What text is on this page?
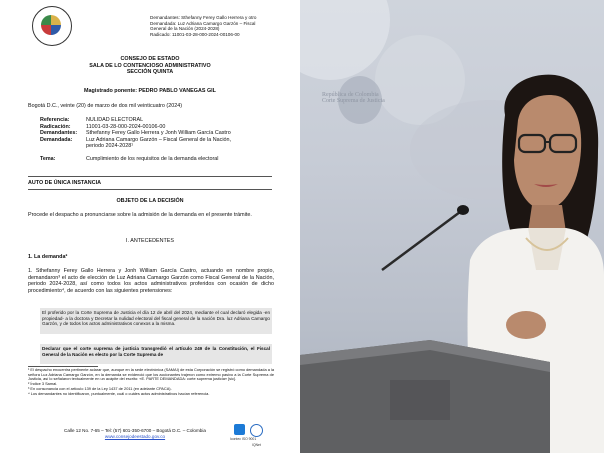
Demandantes: Sthefanny Ferey Gallo Herrera y otro
Demandada: Luz Adriana Camargo Garzón – Fiscal
General de la Nación (2024-2028)
Radicado: 11001-03-28-000-2024-00106-00
CONSEJO DE ESTADO
SALA DE LO CONTENCIOSO ADMINISTRATIVO
SECCIÓN QUINTA
Magistrado ponente: PEDRO PABLO VANEGAS GIL
Bogotá D.C., veinte (20) de marzo de dos mil veinticuatro (2024)
Referencia:	NULIDAD ELECTORAL
Radicación:	11001-03-28-000-2024-00106-00
Demandantes:	Sthefanny Ferey Gallo Herrera y Jonh William García Castro
Demandada:	Luz Adriana Camargo Garzón – Fiscal General de la Nación, periodo 2024-2028¹
Tema:	Cumplimiento de los requisitos de la demanda electoral
AUTO DE ÚNICA INSTANCIA
OBJETO DE LA DECISIÓN
Procede el despacho a pronunciarse sobre la admisión de la demanda en el presente trámite.
I. ANTECEDENTES
1. La demanda²
1. Sthefanny Ferey Gallo Herrera y Jonh William García Castro, actuando en nombre propio, demandaron³ el acto de elección de Luz Adriana Camargo Garzón como Fiscal General de la Nación, periodo 2024-2028, así como todos los actos administrativos proferidos con ocasión de dicho procedimiento⁴, de acuerdo con las siguientes pretensiones:
El proferido por la Corte Suprema de Justicia el día 12 de abril del 2024, mediante el cual declaró elegida -en propiedad- a la doctora y Decretar la nulidad electoral del fiscal general de la nación Dra. luz Adriana Camargo Garzón, y de todos los actos administrativos conexos a la misma.
Declarar que el corte suprema de justicia transgredió el artículo 249 de la Constitución, el Fiscal General de la Nación es electo por la Corte Suprema de
¹ El despacho encuentra pertinente aclarar que, aunque en la sede electrónica (SAMAI) de esta Corporación se registró como demandada a la señora Luz Adriana Camargo Garzón, en la demanda se evidenció que los accionantes trajeron como extremo pasivo a la Corte Suprema de Justicia, así lo señalaron textualmente en un acápite del escrito: «E. PARTE DEMANDADA: corte suprema justicia» [sic].
² Índice 3 Samai.
³ En consonancia con el artículo 139 de la Ley 1437 de 2011 (en adelante CPACA).
⁴ Los demandantes no identificaron, puntualmente, cuál o cuáles actos administrativos hacían referencia.
Calle 12 No. 7-65 – Tel: (57) 601-350-6700 – Bogotá D.C. – Colombia
www.consejodeestado.gov.co	Icontec ISO 9001
IQNet
República de Colombia
Corte Suprema de Justicia
